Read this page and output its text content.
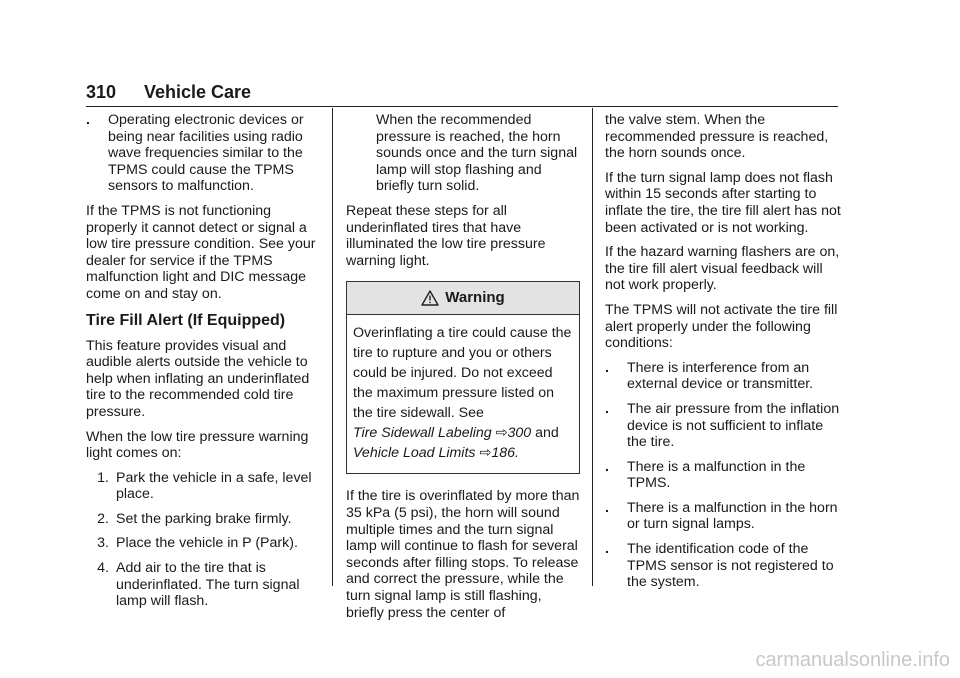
310 Vehicle Care
.	Operating electronic devices or being near facilities using radio wave frequencies similar to the TPMS could cause the TPMS sensors to malfunction.

If the TPMS is not functioning properly it cannot detect or signal a low tire pressure condition. See your dealer for service if the TPMS malfunction light and DIC message come on and stay on.

Tire Fill Alert (If Equipped)

This feature provides visual and audible alerts outside the vehicle to help when inflating an underinflated tire to the recommended cold tire pressure.

When the low tire pressure warning light comes on:

1. Park the vehicle in a safe, level place.
2. Set the parking brake firmly.
3. Place the vehicle in P (Park).
4. Add air to the tire that is underinflated. The turn signal lamp will flash.
When the recommended pressure is reached, the horn sounds once and the turn signal lamp will stop flashing and briefly turn solid.

Repeat these steps for all underinflated tires that have illuminated the low tire pressure warning light.

Warning

Overinflating a tire could cause the tire to rupture and you or others could be injured. Do not exceed the maximum pressure listed on the tire sidewall. See
Tire Sidewall Labeling ⇨300 and
Vehicle Load Limits ⇨186.

If the tire is overinflated by more than 35 kPa (5 psi), the horn will sound multiple times and the turn signal lamp will continue to flash for several seconds after filling stops. To release and correct the pressure, while the turn signal lamp is still flashing, briefly press the center of

the valve stem. When the recommended pressure is reached, the horn sounds once.

If the turn signal lamp does not flash within 15 seconds after starting to inflate the tire, the tire fill alert has not been activated or is not working.

If the hazard warning flashers are on, the tire fill alert visual feedback will not work properly.

The TPMS will not activate the tire fill alert properly under the following conditions:

.	There is interference from an external device or transmitter.
.	The air pressure from the inflation device is not sufficient to inflate the tire.
.	There is a malfunction in the TPMS.
.	There is a malfunction in the horn or turn signal lamps.
.	The identification code of the TPMS sensor is not registered to the system.
carmanualsonline.info
